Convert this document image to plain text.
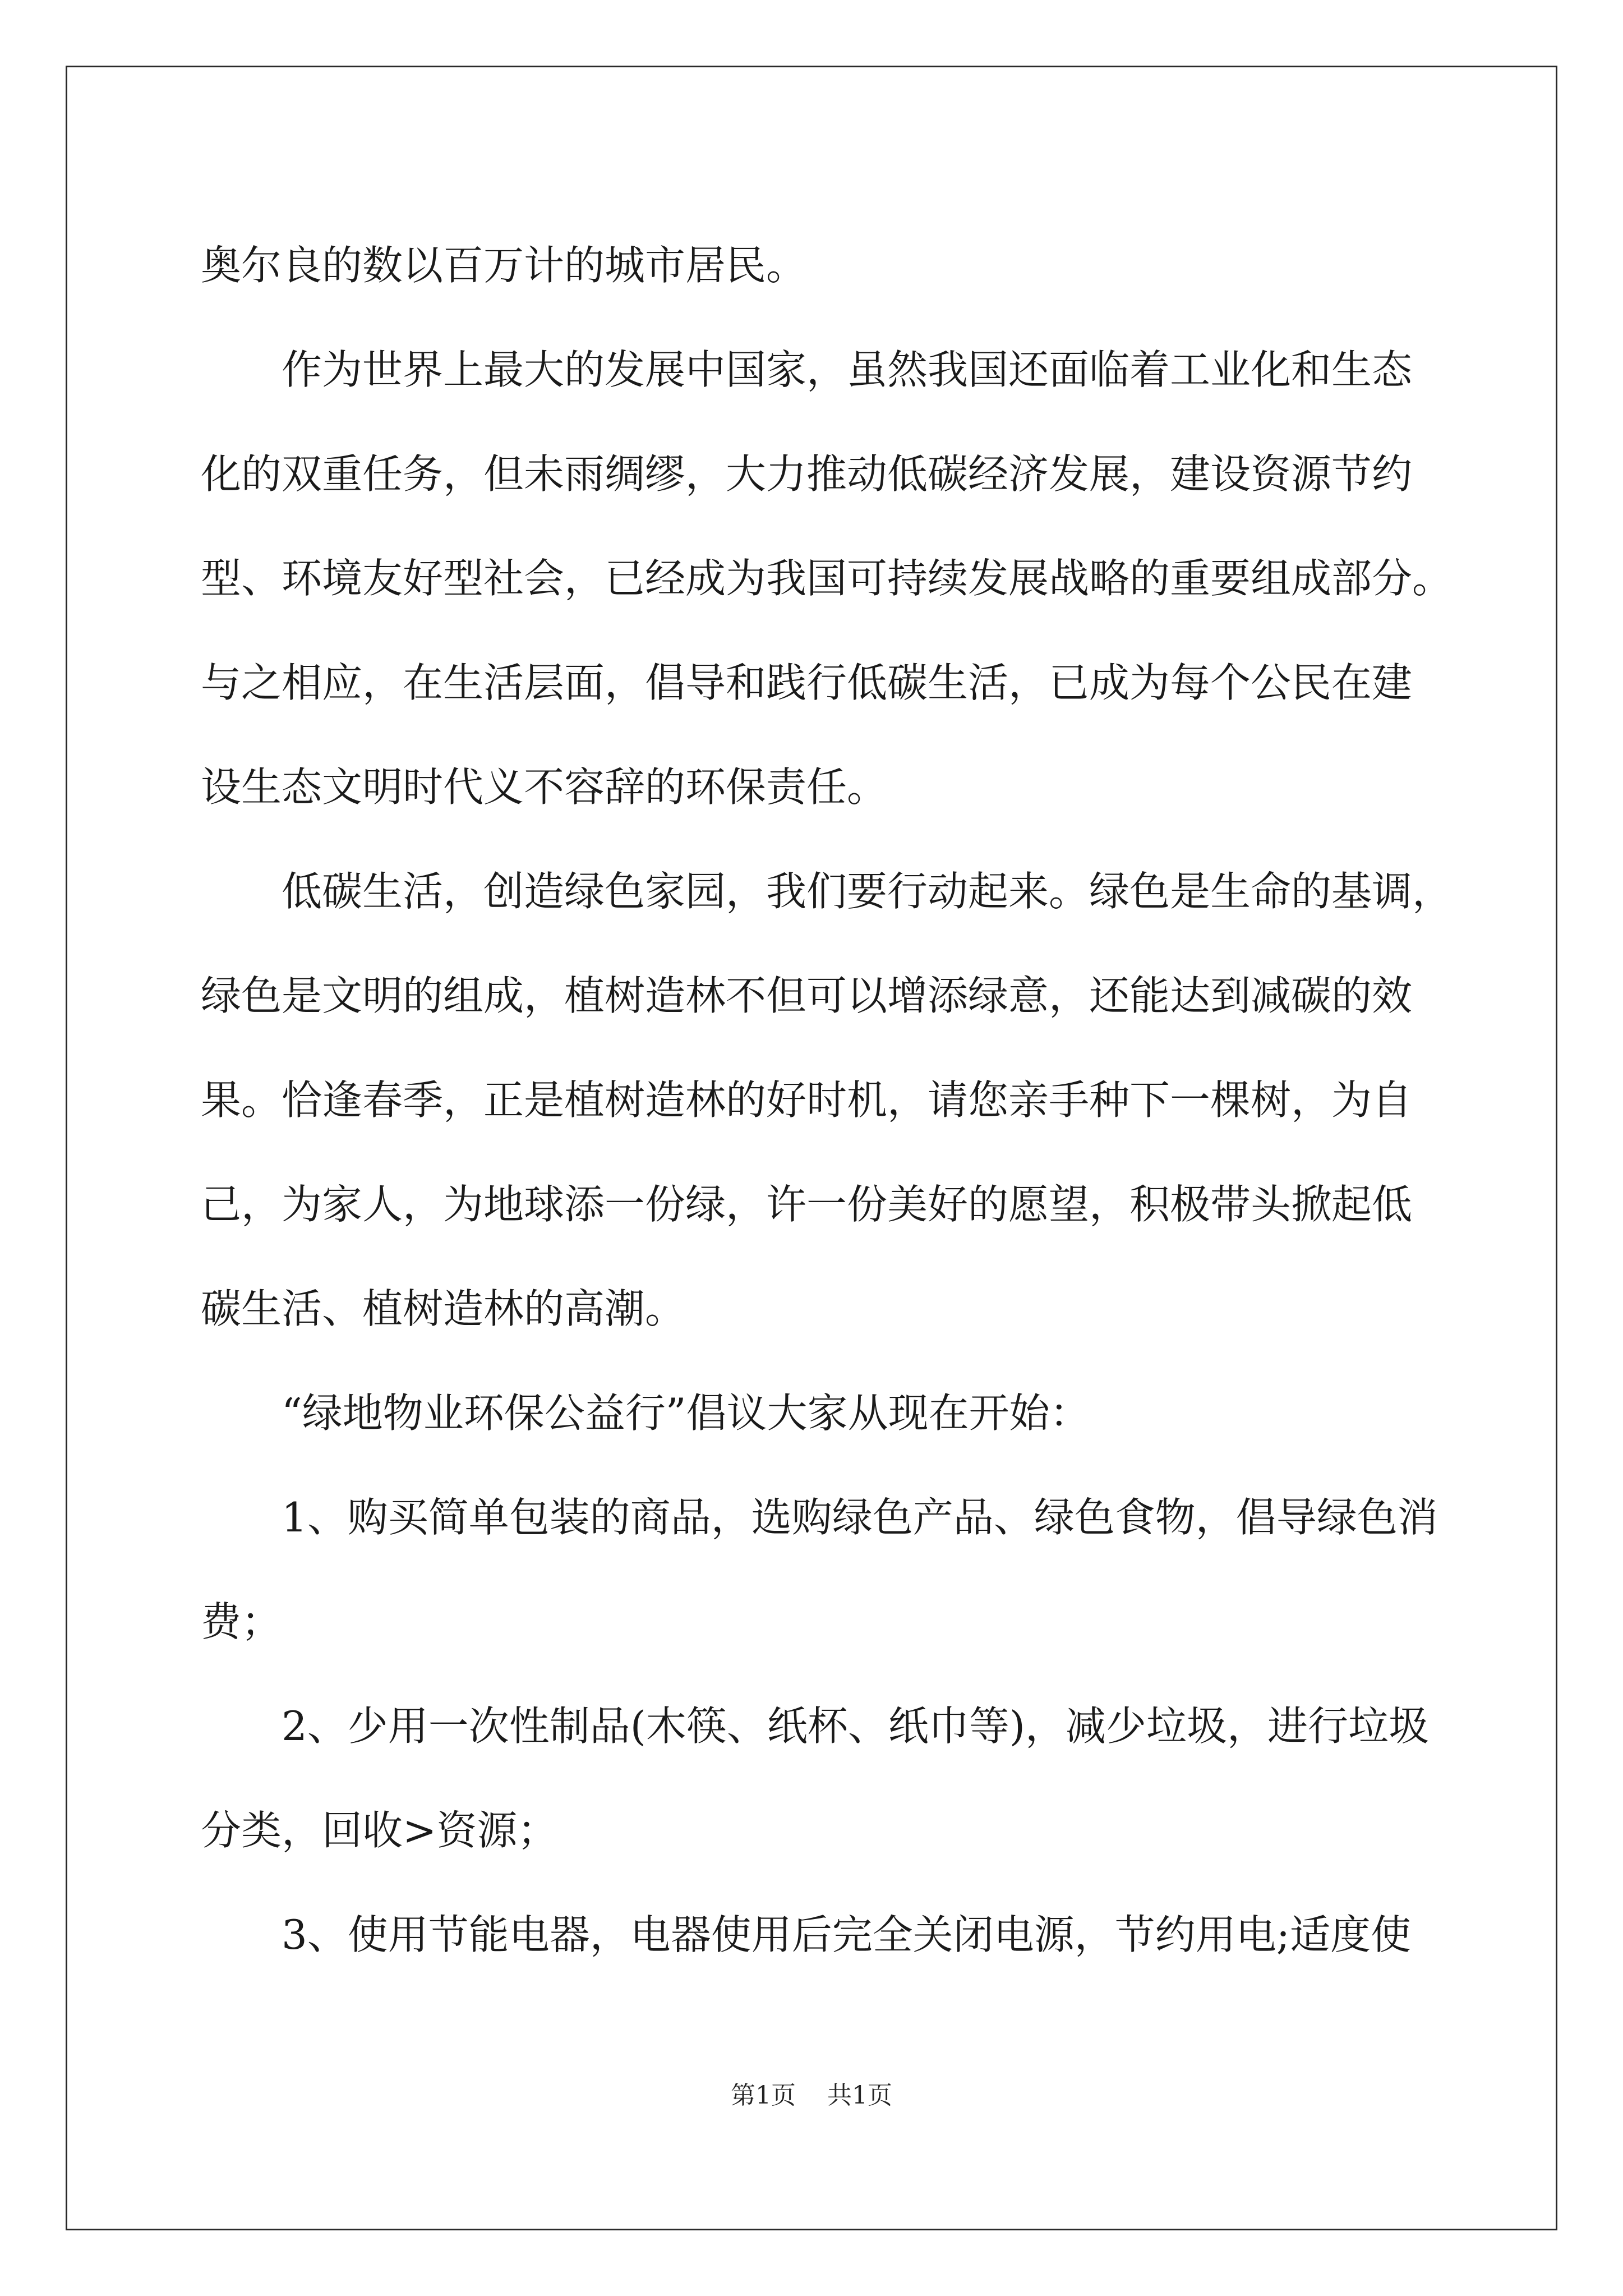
奥尔良的数以百万计的城市居民。

作为世界上最大的发展中国家，虽然我国还面临着工业化和生态

化的双重任务，但未雨绸缪，大力推动低碳经济发展，建设资源节约

型、环境友好型社会，已经成为我国可持续发展战略的重要组成部分。

与之相应，在生活层面，倡导和践行低碳生活，已成为每个公民在建

设生态文明时代义不容辞的环保责任。

低碳生活，创造绿色家园，我们要行动起来。绿色是生命的基调，

绿色是文明的组成，植树造林不但可以增添绿意，还能达到减碳的效

果。恰逢春季，正是植树造林的好时机，请您亲手种下一棵树，为自

己，为家人，为地球添一份绿，许一份美好的愿望，积极带头掀起低

碳生活、植树造林的高潮。

“绿地物业环保公益行”倡议大家从现在开始：

1、购买简单包装的商品，选购绿色产品、绿色食物，倡导绿色消

费；

2、少用一次性制品(木筷、纸杯、纸巾等)，减少垃圾，进行垃圾

分类，回收>资源；

3、使用节能电器，电器使用后完全关闭电源，节约用电;适度使

第1页 共1页
